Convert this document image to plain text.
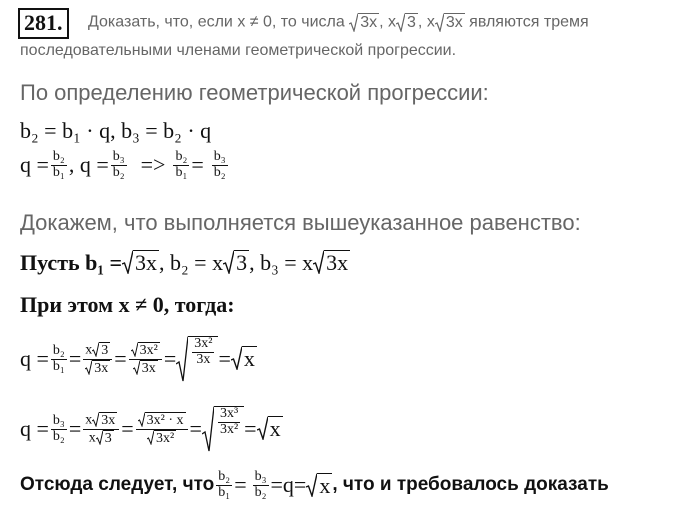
281.	Доказать, что, если x ≠ 0, то числа 3x , x 3 , x 3x являются тремя
последовательными членами геометрической прогрессии.
По определению геометрической прогрессии:
b₂ = b₁ · q, b₃ = b₂ · q
$q = \frac{\text{b₂}}{\text{b₁}}$ , $q = \frac{\text{b₃}}{\text{b₂}} => \frac{\text{b₂}}{\text{b₁}} = \frac{\text{b₃}}{\text{b₂}}$
Докажем, что выполняется вышеуказанное равенство:
Пусть b₁ = 3x , b₂ = x 3 , b₃ = x 3x
При этом x ≠ 0, тогда:
$q = \frac{\text{b₂}}{\text{b₁}} = \frac{x 3}{3x} = \frac{\text{3x²}}{3x} = \frac{\text{3x²}}{3x} = x$
$q = \frac{\text{b₃}}{\text{b₂}} = \frac{x 3x}{x 3} = \frac{\text{3x² · x}}{\text{3x²}} = \frac{\text{3x³}}{\text{3x²}} = x$
Отсюда следует, что $\frac{\text{b₂}}{\text{b₁}} = \frac{\text{b₃}}{\text{b₂}} =q= x$ , что и требовалось доказать
